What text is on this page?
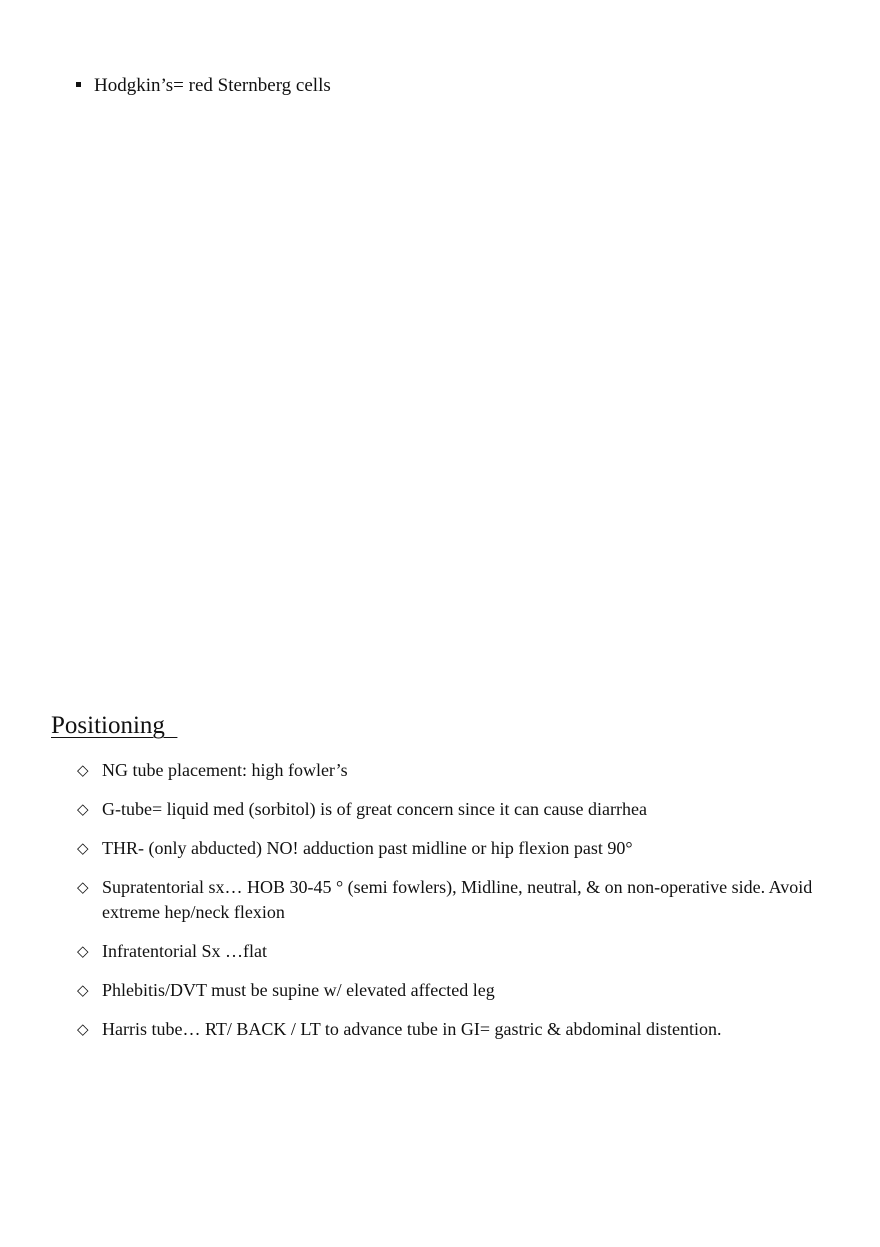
Hodgkin’s= red Sternberg cells
Positioning
◇ NG tube placement: high fowler’s
◇ G-tube= liquid med (sorbitol) is of great concern since it can cause diarrhea
◇ THR- (only abducted) NO! adduction past midline or hip flexion past 90°
◇ Supratentorial sx… HOB 30-45 ° (semi fowlers), Midline, neutral, & on non-operative side. Avoid extreme hep/neck flexion
◇ Infratentorial Sx …flat
◇ Phlebitis/DVT must be supine w/ elevated affected leg
◇ Harris tube… RT/ BACK / LT to advance tube in GI= gastric & abdominal distention.
